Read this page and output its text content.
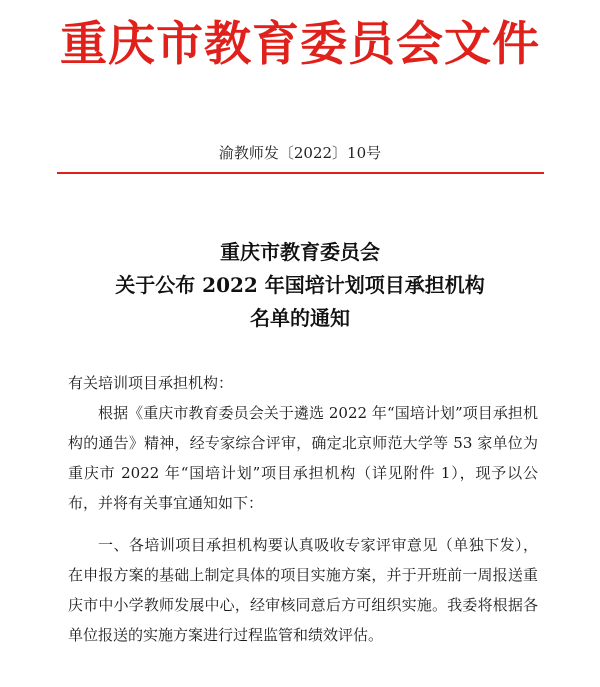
重庆市教育委员会文件
渝教师发〔2022〕10号
重庆市教育委员会
关于公布 2022 年国培计划项目承担机构
名单的通知
有关培训项目承担机构：
根据《重庆市教育委员会关于遴选 2022 年“国培计划”项目承担机构的通告》精神，经专家综合评审，确定北京师范大学等 53 家单位为重庆市 2022 年“国培计划”项目承担机构（详见附件 1），现予以公布，并将有关事宜通知如下：
一、各培训项目承担机构要认真吸收专家评审意见（单独下发），在申报方案的基础上制定具体的项目实施方案，并于开班前一周报送重庆市中小学教师发展中心，经审核同意后方可组织实施。我委将根据各单位报送的实施方案进行过程监管和绩效评估。
